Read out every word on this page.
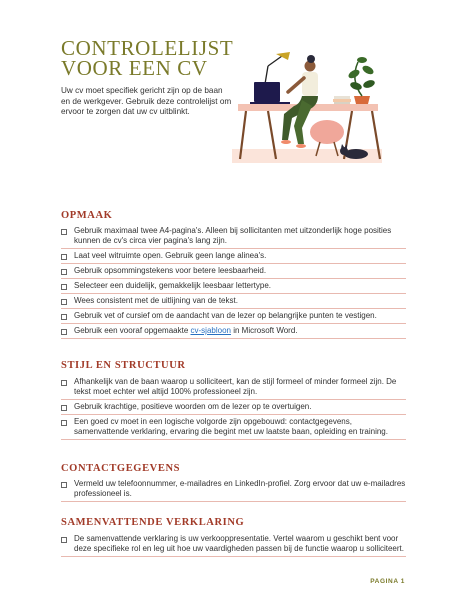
CONTROLELIJST
VOOR EEN CV
Uw cv moet specifiek gericht zijn op de baan en de werkgever. Gebruik deze controlelijst om ervoor te zorgen dat uw cv uitblinkt.
OPMAAK
Gebruik maximaal twee A4-pagina's. Alleen bij sollicitanten met uitzonderlijk hoge posities kunnen de cv's circa vier pagina's lang zijn.
Laat veel witruimte open. Gebruik geen lange alinea's.
Gebruik opsommingstekens voor betere leesbaarheid.
Selecteer een duidelijk, gemakkelijk leesbaar lettertype.
Wees consistent met de uitlijning van de tekst.
Gebruik vet of cursief om de aandacht van de lezer op belangrijke punten te vestigen.
Gebruik een vooraf opgemaakte cv-sjabloon in Microsoft Word.
STIJL EN STRUCTUUR
Afhankelijk van de baan waarop u solliciteert, kan de stijl formeel of minder formeel zijn. De tekst moet echter wel altijd 100% professioneel zijn.
Gebruik krachtige, positieve woorden om de lezer op te overtuigen.
Een goed cv moet in een logische volgorde zijn opgebouwd: contactgegevens, samenvattende verklaring, ervaring die begint met uw laatste baan, opleiding en training.
CONTACTGEGEVENS
Vermeld uw telefoonnummer, e-mailadres en LinkedIn-profiel. Zorg ervoor dat uw e-mailadres professioneel is.
SAMENVATTENDE VERKLARING
De samenvattende verklaring is uw verkooppresentatie. Vertel waarom u geschikt bent voor deze specifieke rol en leg uit hoe uw vaardigheden passen bij de functie waarop u solliciteert.
PAGINA 1
